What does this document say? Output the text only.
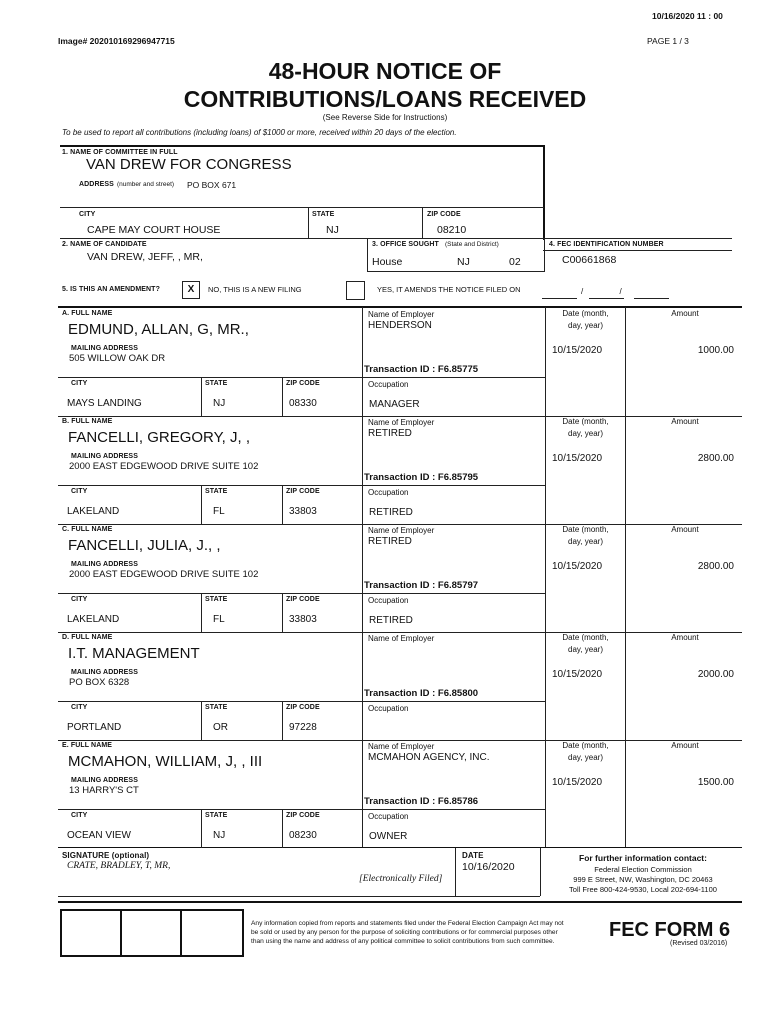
10/16/2020 11 : 00
Image# 202010169296947715	PAGE 1 / 3
48-HOUR NOTICE OF
CONTRIBUTIONS/LOANS RECEIVED
(See Reverse Side for Instructions)
To be used to report all contributions (including loans) of $1000 or more, received within 20 days of the election.
1. NAME OF COMMITTEE IN FULL
VAN DREW FOR CONGRESS
ADDRESS (number and street) PO BOX 671
CITY
CAPE MAY COURT HOUSE
STATE
NJ
ZIP CODE
08210
2. NAME OF CANDIDATE
VAN DREW, JEFF, , MR,
3. OFFICE SOUGHT (State and District)
House	NJ	02
4. FEC IDENTIFICATION NUMBER
C00661868
5. IS THIS AN AMENDMENT?	X	NO, THIS IS A NEW FILING	YES, IT AMENDS THE NOTICE FILED ON	/ /
A. FULL NAME
EDMUND, ALLAN, G, MR.,
MAILING ADDRESS
505 WILLOW OAK DR
CITY	STATE	ZIP CODE
MAYS LANDING	NJ	08330
Name of Employer
HENDERSON
Transaction ID : F6.85775
Occupation
MANAGER
Date (month,
day, year)
10/15/2020
Amount
1000.00
B. FULL NAME
FANCELLI, GREGORY, J, ,
MAILING ADDRESS
2000 EAST EDGEWOOD DRIVE SUITE 102
CITY	STATE	ZIP CODE
LAKELAND	FL	33803
Name of Employer
RETIRED
Transaction ID : F6.85795
Occupation
RETIRED
Date (month,
day, year)
10/15/2020
Amount
2800.00
C. FULL NAME
FANCELLI, JULIA, J., ,
MAILING ADDRESS
2000 EAST EDGEWOOD DRIVE SUITE 102
CITY	STATE	ZIP CODE
LAKELAND	FL	33803
Name of Employer
RETIRED
Transaction ID : F6.85797
Occupation
RETIRED
Date (month,
day, year)
10/15/2020
Amount
2800.00
D. FULL NAME
I.T. MANAGEMENT
MAILING ADDRESS
PO BOX 6328
CITY	STATE	ZIP CODE
PORTLAND	OR	97228
Name of Employer
Transaction ID : F6.85800
Occupation
Date (month,
day, year)
10/15/2020
Amount
2000.00
E. FULL NAME
MCMAHON, WILLIAM, J, , III
MAILING ADDRESS
13 HARRY'S CT
CITY	STATE	ZIP CODE
OCEAN VIEW	NJ	08230
Name of Employer
MCMAHON AGENCY, INC.
Transaction ID : F6.85786
Occupation
OWNER
Date (month,
day, year)
10/15/2020
Amount
1500.00
SIGNATURE (optional)
CRATE, BRADLEY, T, MR,
[Electronically Filed]
DATE
10/16/2020
For further information contact:
Federal Election Commission
999 E Street, NW, Washington, DC 20463
Toll Free 800-424-9530, Local 202-694-1100
Any information copied from reports and statements filed under the Federal Election Campaign Act may not
be sold or used by any person for the purpose of soliciting contributions or for commercial purposes other
than using the name and address of any political committee to solicit contributions from such committee.
FEC FORM 6
(Revised 03/2016)
